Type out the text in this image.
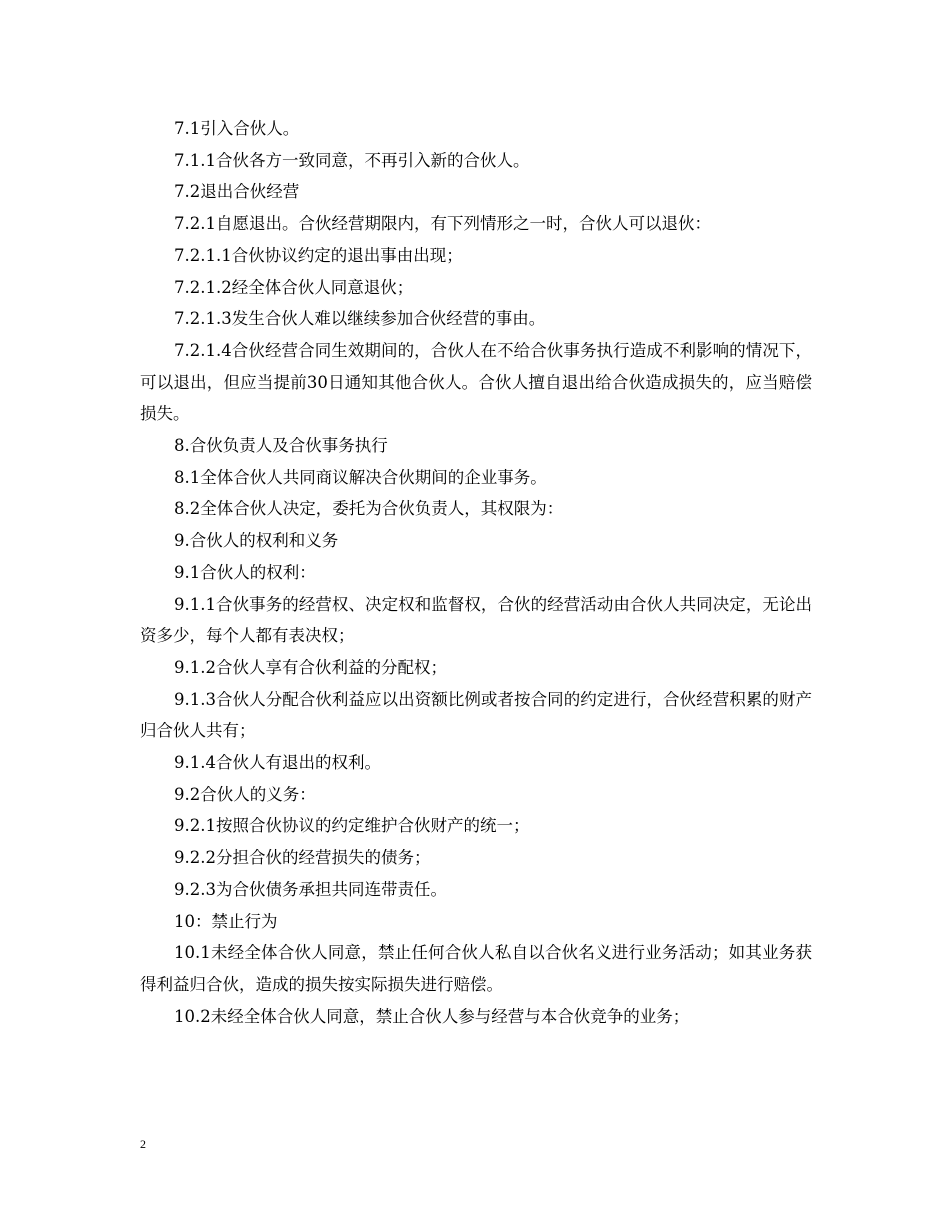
7.1引入合伙人。

7.1.1合伙各方一致同意，不再引入新的合伙人。

7.2退出合伙经营

7.2.1自愿退出。合伙经营期限内，有下列情形之一时，合伙人可以退伙：

7.2.1.1合伙协议约定的退出事由出现；

7.2.1.2经全体合伙人同意退伙；

7.2.1.3发生合伙人难以继续参加合伙经营的事由。

7.2.1.4合伙经营合同生效期间的，合伙人在不给合伙事务执行造成不利影响的情况下，可以退出，但应当提前30日通知其他合伙人。合伙人擅自退出给合伙造成损失的，应当赔偿损失。

8.合伙负责人及合伙事务执行

8.1全体合伙人共同商议解决合伙期间的企业事务。

8.2全体合伙人决定，委托为合伙负责人，其权限为：

9.合伙人的权利和义务

9.1合伙人的权利：

9.1.1合伙事务的经营权、决定权和监督权，合伙的经营活动由合伙人共同决定，无论出资多少，每个人都有表决权；

9.1.2合伙人享有合伙利益的分配权；

9.1.3合伙人分配合伙利益应以出资额比例或者按合同的约定进行，合伙经营积累的财产归合伙人共有；

9.1.4合伙人有退出的权利。

9.2合伙人的义务：

9.2.1按照合伙协议的约定维护合伙财产的统一；

9.2.2分担合伙的经营损失的债务；

9.2.3为合伙债务承担共同连带责任。

10：禁止行为

10.1未经全体合伙人同意，禁止任何合伙人私自以合伙名义进行业务活动；如其业务获得利益归合伙，造成的损失按实际损失进行赔偿。

10.2未经全体合伙人同意，禁止合伙人参与经营与本合伙竞争的业务；

2
